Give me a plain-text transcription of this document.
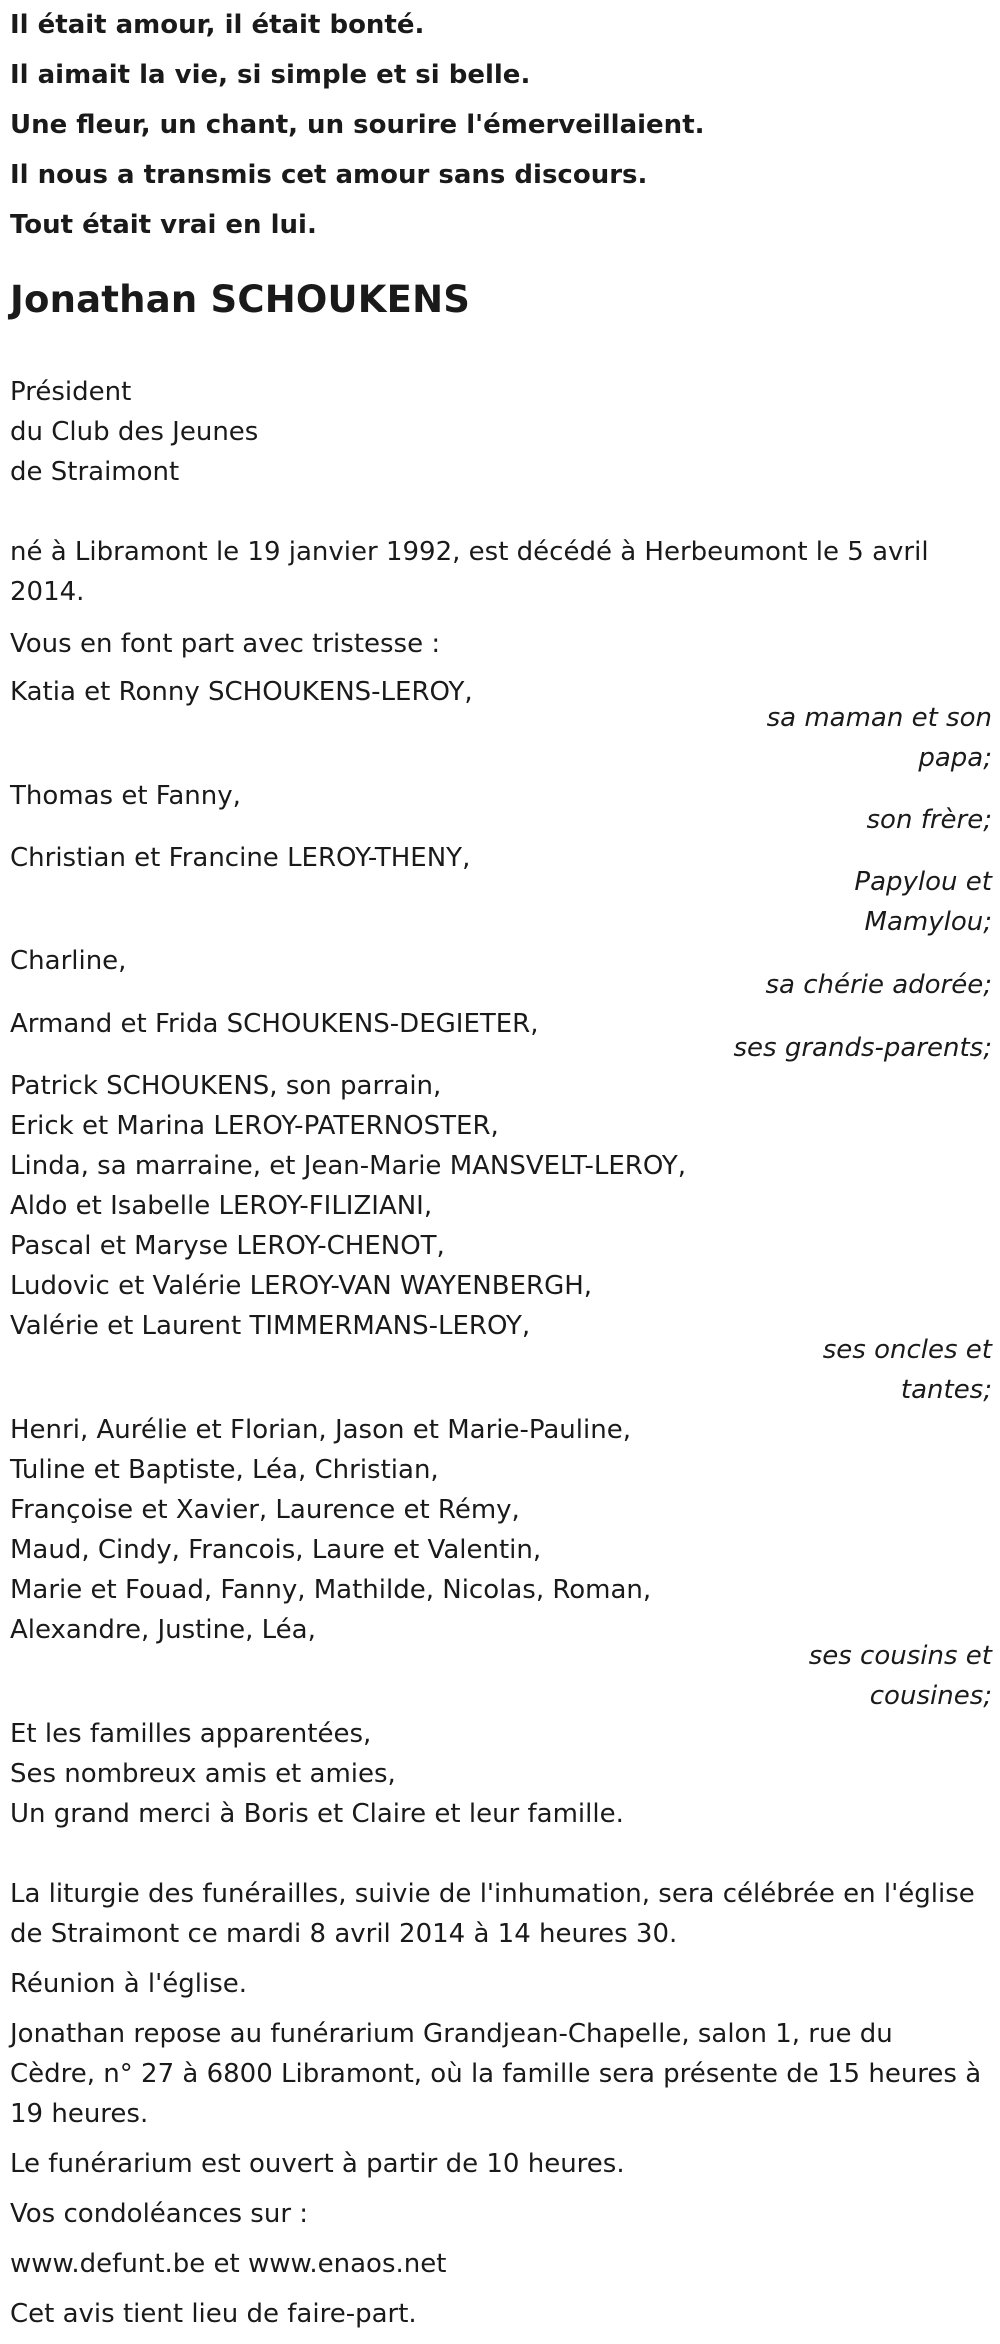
Il était amour, il était bonté.
Il aimait la vie, si simple et si belle.
Une fleur, un chant, un sourire l'émerveillaient.
Il nous a transmis cet amour sans discours.
Tout était vrai en lui.
Jonathan SCHOUKENS
Président
du Club des Jeunes
de Straimont
né à Libramont le 19 janvier 1992, est décédé à Herbeumont le 5 avril
2014.
Vous en font part avec tristesse :
Katia et Ronny SCHOUKENS-LEROY,
sa maman et son
papa;
Thomas et Fanny,
son frère;
Christian et Francine LEROY-THENY,
Papylou et
Mamylou;
Charline,
sa chérie adorée;
Armand et Frida SCHOUKENS-DEGIETER,
ses grands-parents;
Patrick SCHOUKENS, son parrain,
Erick et Marina LEROY-PATERNOSTER,
Linda, sa marraine, et Jean-Marie MANSVELT-LEROY,
Aldo et Isabelle LEROY-FILIZIANI,
Pascal et Maryse LEROY-CHENOT,
Ludovic et Valérie LEROY-VAN WAYENBERGH,
Valérie et Laurent TIMMERMANS-LEROY,
ses oncles et
tantes;
Henri, Aurélie et Florian, Jason et Marie-Pauline,
Tuline et Baptiste, Léa, Christian,
Françoise et Xavier, Laurence et Rémy,
Maud, Cindy, Francois, Laure et Valentin,
Marie et Fouad, Fanny, Mathilde, Nicolas, Roman,
Alexandre, Justine, Léa,
ses cousins et
cousines;
Et les familles apparentées,
Ses nombreux amis et amies,
Un grand merci à Boris et Claire et leur famille.
La liturgie des funérailles, suivie de l'inhumation, sera célébrée en l'église
de Straimont ce mardi 8 avril 2014 à 14 heures 30.
Réunion à l'église.
Jonathan repose au funérarium Grandjean-Chapelle, salon 1, rue du
Cèdre, n° 27 à 6800 Libramont, où la famille sera présente de 15 heures à
19 heures.
Le funérarium est ouvert à partir de 10 heures.
Vos condoléances sur :
www.defunt.be et www.enaos.net
Cet avis tient lieu de faire-part.
